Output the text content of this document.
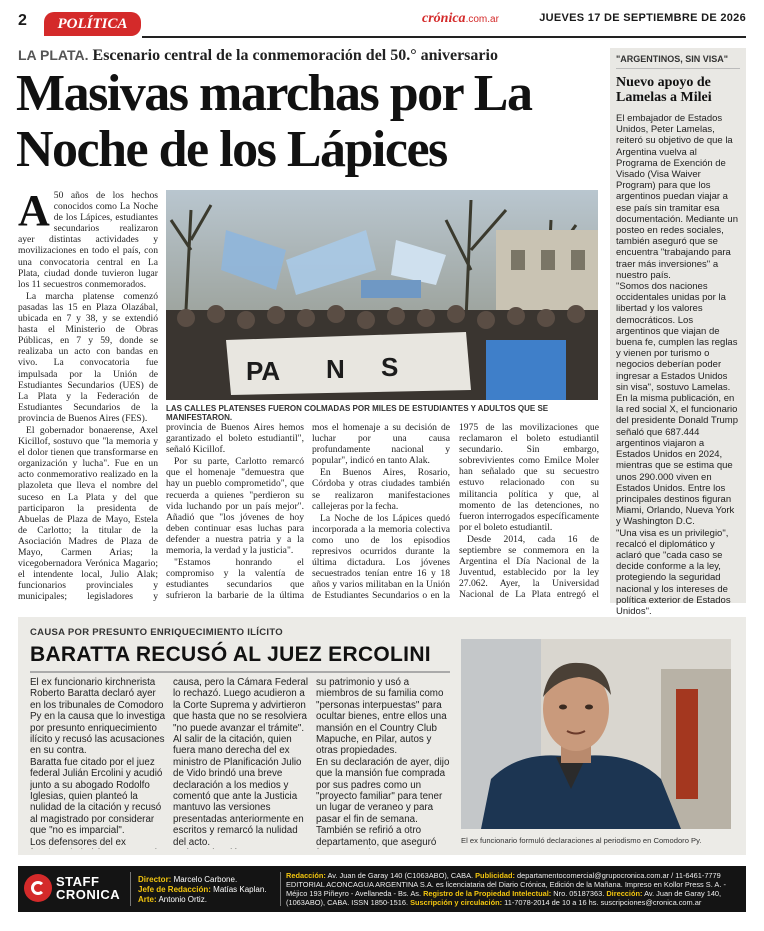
2	POLÍTICA	crónica.com.ar	JUEVES 17 DE SEPTIEMBRE DE 2026
LA PLATA. Escenario central de la conmemoración del 50.° aniversario
Masivas marchas por La Noche de los Lápices

A 50 años de los hechos conocidos como La Noche de los Lápices, estudiantes secundarios realizaron ayer distintas actividades y movilizaciones en todo el país, con una convocatoria central en La Plata, ciudad donde tuvieron lugar los 11 secuestros conmemorados.

La marcha platense comenzó pasadas las 15 en Plaza Olazábal, ubicada en 7 y 38, y se extendió hasta el Ministerio de Obras Públicas, en 7 y 59, donde se realizaba un acto con bandas en vivo. La convocatoria fue impulsada por la Unión de Estudiantes Secundarios (UES) de La Plata y la Federación de Estudiantes Secundarios de la provincia de Buenos Aires (FES).

El gobernador bonaerense, Axel Kicillof, sostuvo que "la memoria y el dolor tienen que transformarse en organización y lucha". Fue en un acto conmemorativo realizado en la plazoleta que lleva el nombre del suceso en La Plata y del que participaron la presidenta de Abuelas de Plaza de Mayo, Estela de Carlotto; la titular de la Asociación Madres de Plaza de Mayo, Carmen Arias; la vicegobernadora Verónica Magario; el intendente local, Julio Alak; funcionarios provinciales y municipales; legisladores y

PA N S
LAS CALLES PLATENSES FUERON COLMADAS POR MILES DE ESTUDIANTES Y ADULTOS QUE SE MANIFESTARON.

provincia de Buenos Aires hemos garantizado el boleto estudiantil", señaló Kicillof.

Por su parte, Carlotto remarcó que el homenaje "demuestra que hay un pueblo comprometido", que recuerda a quienes "perdieron su vida luchando por un país mejor". Añadió que "los jóvenes de hoy deben continuar esas luchas para defender a nuestra patria y a la memoria, la verdad y la justicia".

"Estamos honrando el compromiso y la valentía de estudiantes secundarios que sufrieron la barbarie de la última

mos el homenaje a su decisión de luchar por una causa profundamente nacional y popular", indicó en tanto Alak.

En Buenos Aires, Rosario, Córdoba y otras ciudades también se realizaron manifestaciones callejeras por la fecha.

La Noche de los Lápices quedó incorporada a la memoria colectiva como uno de los episodios represivos ocurridos durante la última dictadura. Los jóvenes secuestrados tenían entre 16 y 18 años y varios militaban en la Unión de Estudiantes Secundarios o en la

1975 de las movilizaciones que reclamaron el boleto estudiantil secundario. Sin embargo, sobrevivientes como Emilce Moler han señalado que su secuestro estuvo relacionado con su militancia política y que, al momento de las detenciones, no fueron interrogados específicamente por el boleto estudiantil.

Desde 2014, cada 16 de septiembre se conmemora en la Argentina el Día Nacional de la Juventud, establecido por la ley 27.062. Ayer, la Universidad Nacional de La Plata entregó el

"ARGENTINOS, SIN VISA"
Nuevo apoyo de Lamelas a Milei
El embajador de Estados Unidos, Peter Lamelas, reiteró su objetivo de que la Argentina vuelva al Programa de Exención de Visado (Visa Waiver Program) para que los argentinos puedan viajar a ese país sin tramitar esa documentación. Mediante un posteo en redes sociales, también aseguró que se encuentra "trabajando para traer más inversiones" a nuestro país.
"Somos dos naciones occidentales unidas por la libertad y los valores democráticos. Los argentinos que viajan de buena fe, cumplen las reglas y vienen por turismo o negocios deberían poder ingresar a Estados Unidos sin visa", sostuvo Lamelas.
En la misma publicación, en la red social X, el funcionario del presidente Donald Trump señaló que 687.444 argentinos viajaron a Estados Unidos en 2024, mientras que se estima que unos 290.000 viven en Estados Unidos. Entre los principales destinos figuran Miami, Orlando, Nueva York y Washington D.C.
"Una visa es un privilegio", recalcó el diplomático y aclaró que "cada caso se decide conforme a la ley, protegiendo la seguridad nacional y los intereses de política exterior de Estados Unidos".

CAUSA POR PRESUNTO ENRIQUECIMIENTO ILÍCITO
BARATTA RECUSÓ AL JUEZ ERCOLINI
El ex funcionario kirchnerista Roberto Baratta declaró ayer en los tribunales de Comodoro Py en la causa que lo investiga por presunto enriquecimiento ilícito y recusó las acusaciones en su contra.
Baratta fue citado por el juez federal Julián Ercolini y acudió junto a su abogado Rodolfo Iglesias, quien planteó la nulidad de la citación y recusó al magistrado por considerar que "no es imparcial".
Los defensores del ex
causa, pero la Cámara Federal lo rechazó. Luego acudieron a la Corte Suprema y advirtieron que hasta que no se resolviera "no puede avanzar el trámite".
Al salir de la citación, quien fuera mano derecha del ex ministro de Planificación Julio de Vido brindó una breve declaración a los medios y comentó que ante la Justicia mantuvo las versiones presentadas anteriormente en escritos y remarcó la nulidad del acto.

su patrimonio y usó a miembros de su familia como "personas interpuestas" para ocultar bienes, entre ellos una mansión en el Country Club Mapuche, en Pilar, autos y otras propiedades.
En su declaración de ayer, dijo que la mansión fue comprada por sus padres como un "proyecto familiar" para tener un lugar de veraneo y para pasar el fin de semana. También se refirió a otro departamento, que aseguró	El ex funcionario formuló declaraciones al periodismo en Comodoro Py.
STAFF
CRONICA
Director: Marcelo Carbone.
Jefe de Redacción: Matías Kaplan.
Arte: Antonio Ortiz.
Redacción: Av. Juan de Garay 140 (C1063ABO), CABA. Publicidad: departamentocomercial@grupocronica.com.ar / 11-6461-7779 EDITORIAL ACONCAGUA ARGENTINA S.A. es licenciataria del Diario Crónica, Edición de la Mañana. Impreso en Kollor Press S. A. - Méjico 193 Piñeyro - Avellaneda - Bs. As. Registro de la Propiedad Intelectual: Nro. 05187363. Dirección: Av. Juan de Garay 140, (1063ABO), CABA. ISSN 1850-1516. Suscripción y circulación: 11-7078-2014 de 10 a 16 hs. suscripciones@cronica.com.ar
